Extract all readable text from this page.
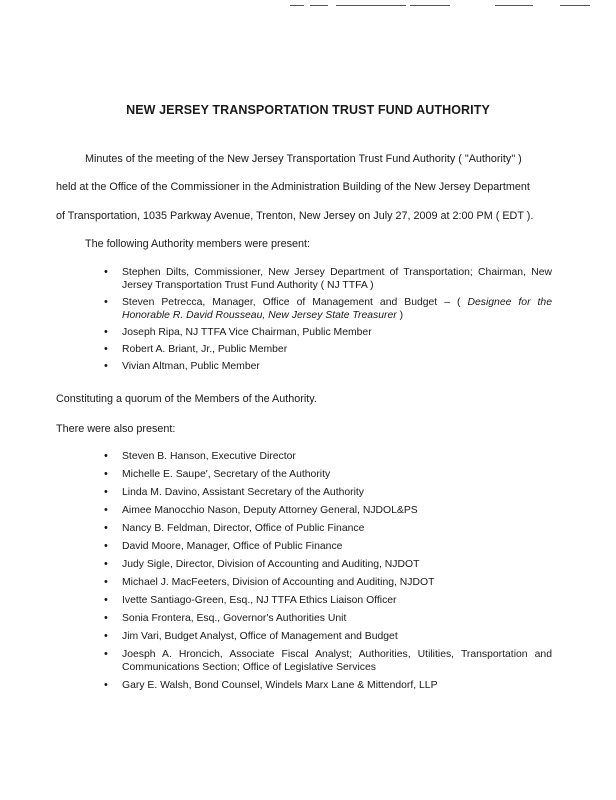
NEW JERSEY TRANSPORTATION TRUST FUND AUTHORITY

Minutes of the meeting of the New Jersey Transportation Trust Fund Authority ( "Authority" )

held at the Office of the Commissioner in the Administration Building of the New Jersey Department

of Transportation, 1035 Parkway Avenue, Trenton, New Jersey on July 27, 2009 at 2:00 PM ( EDT ).

The following Authority members were present:

• Stephen Dilts, Commissioner, New Jersey Department of Transportation; Chairman, New Jersey Transportation Trust Fund Authority ( NJ TTFA )
• Steven Petrecca, Manager, Office of Management and Budget – ( Designee for the Honorable R. David Rousseau, New Jersey State Treasurer )
• Joseph Ripa, NJ TTFA Vice Chairman, Public Member
• Robert A. Briant, Jr., Public Member
• Vivian Altman, Public Member

Constituting a quorum of the Members of the Authority.

There were also present:

• Steven B. Hanson, Executive Director
• Michelle E. Saupe', Secretary of the Authority
• Linda M. Davino, Assistant Secretary of the Authority
• Aimee Manocchio Nason, Deputy Attorney General, NJDOL&PS
• Nancy B. Feldman, Director, Office of Public Finance
• David Moore, Manager, Office of Public Finance
• Judy Sigle, Director, Division of Accounting and Auditing, NJDOT
• Michael J. MacFeeters, Division of Accounting and Auditing, NJDOT
• Ivette Santiago-Green, Esq., NJ TTFA Ethics Liaison Officer
• Sonia Frontera, Esq., Governor's Authorities Unit
• Jim Vari, Budget Analyst, Office of Management and Budget
• Joesph A. Hroncich, Associate Fiscal Analyst; Authorities, Utilities, Transportation and Communications Section; Office of Legislative Services
• Gary E. Walsh, Bond Counsel, Windels Marx Lane & Mittendorf, LLP
